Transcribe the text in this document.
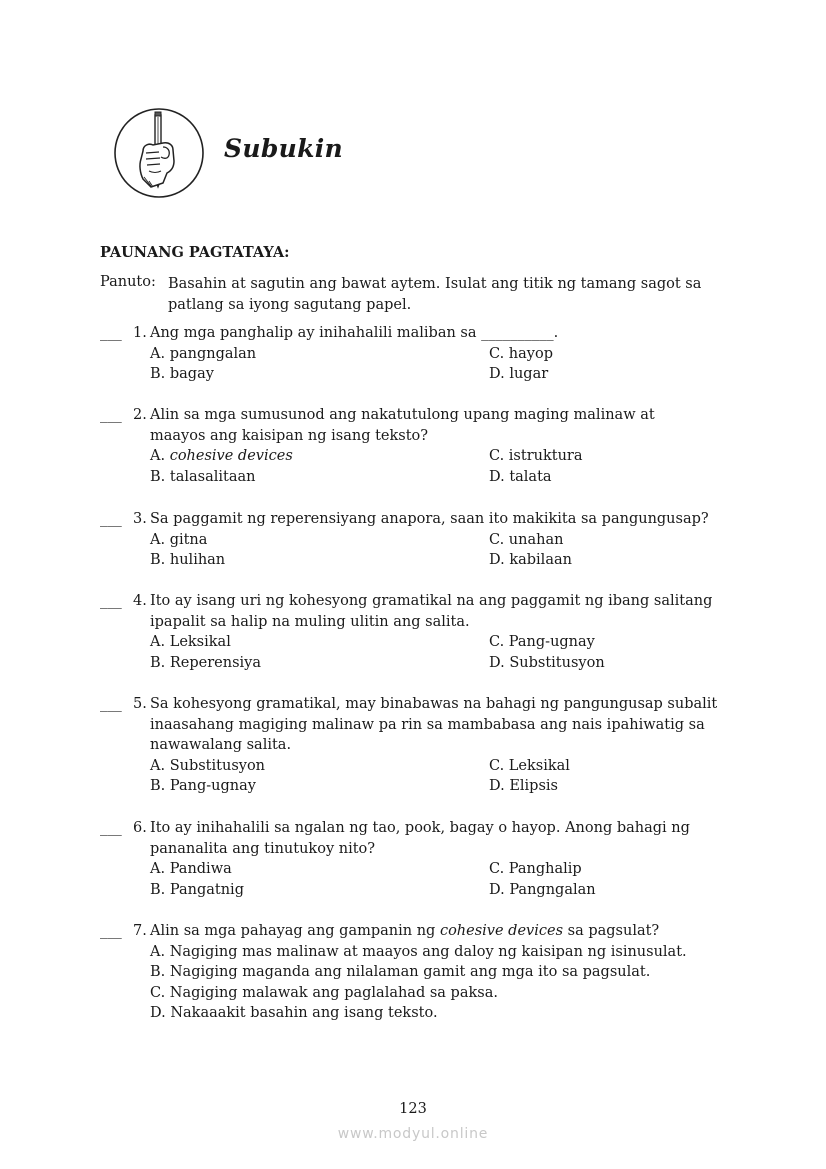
Subukin
PAUNANG PAGTATAYA:
Panuto: Basahin at sagutin ang bawat aytem. Isulat ang titik ng tamang sagot sa
patlang sa iyong sagutang papel.
___ 1. Ang mga panghalip ay inihahalili maliban sa __________.
A. pangngalan	C. hayop
B. bagay	D. lugar
___ 2. Alin sa mga sumusunod ang nakatutulong upang maging malinaw at
maayos ang kaisipan ng isang teksto?
A. cohesive devices	C. istruktura
B. talasalitaan	D. talata
___ 3. Sa paggamit ng reperensiyang anapora, saan ito makikita sa pangungusap?
A. gitna	C. unahan
B. hulihan	D. kabilaan
___ 4. Ito ay isang uri ng kohesyong gramatikal na ang paggamit ng ibang salitang
ipapalit sa halip na muling ulitin ang salita.
A. Leksikal	C. Pang-ugnay
B. Reperensiya	D. Substitusyon
___ 5. Sa kohesyong gramatikal, may binabawas na bahagi ng pangungusap subalit
inaasahang magiging malinaw pa rin sa mambabasa ang nais ipahiwatig sa
nawawalang salita.
A. Substitusyon	C. Leksikal
B. Pang-ugnay	D. Elipsis
___ 6. Ito ay inihahalili sa ngalan ng tao, pook, bagay o hayop. Anong bahagi ng
pananalita ang tinutukoy nito?
A. Pandiwa	C. Panghalip
B. Pangatnig	D. Pangngalan
___ 7. Alin sa mga pahayag ang gampanin ng cohesive devices sa pagsulat?
A. Nagiging mas malinaw at maayos ang daloy ng kaisipan ng isinusulat.
B. Nagiging maganda ang nilalaman gamit ang mga ito sa pagsulat.
C. Nagiging malawak ang paglalahad sa paksa.
D. Nakaaakit basahin ang isang teksto.
123
www.modyul.online
